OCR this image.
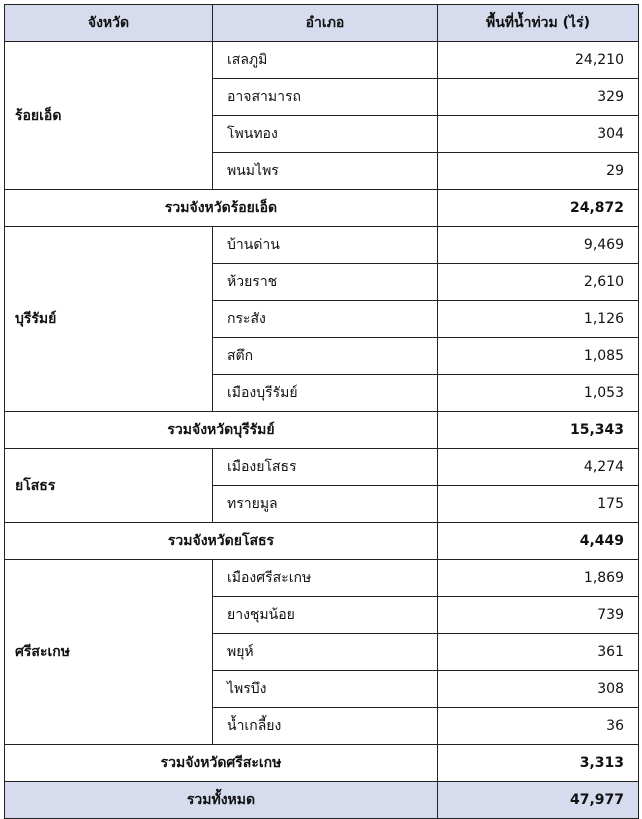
จังหวัด	อำเภอ	พื้นที่น้ำท่วม (ไร่)
ร้อยเอ็ด	เสลภูมิ	24,210
	อาจสามารถ	329
	โพนทอง	304
	พนมไพร	29
รวมจังหวัดร้อยเอ็ด		24,872
บุรีรัมย์	บ้านด่าน	9,469
	ห้วยราช	2,610
	กระสัง	1,126
	สตึก	1,085
	เมืองบุรีรัมย์	1,053
รวมจังหวัดบุรีรัมย์		15,343
ยโสธร	เมืองยโสธร	4,274
	ทรายมูล	175
รวมจังหวัดยโสธร		4,449
ศรีสะเกษ	เมืองศรีสะเกษ	1,869
	ยางชุมน้อย	739
	พยุห์	361
	ไพรบึง	308
	น้ำเกลี้ยง	36
รวมจังหวัดศรีสะเกษ		3,313
รวมทั้งหมด		47,977
